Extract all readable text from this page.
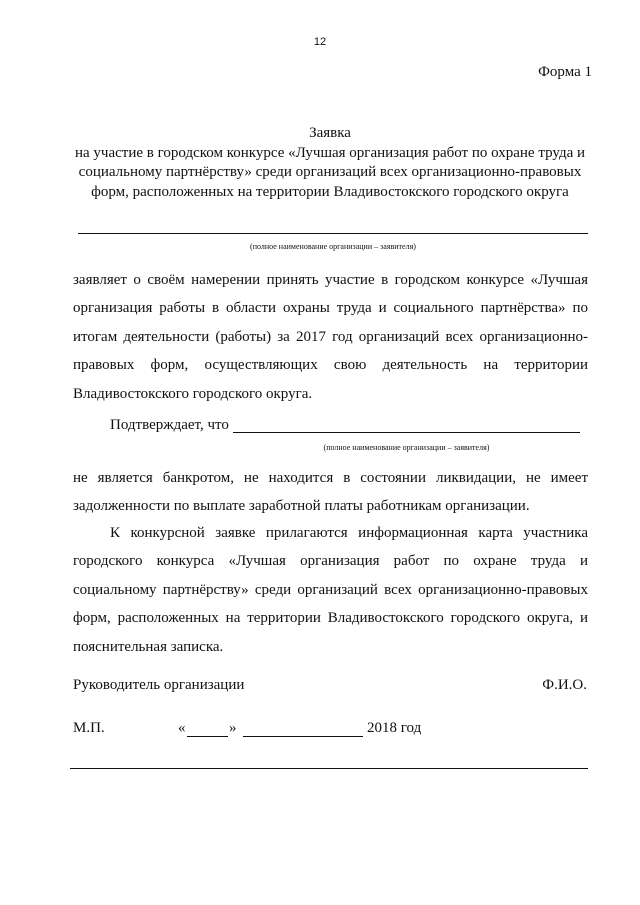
12
Форма 1
Заявка
на участие в городском конкурсе «Лучшая организация работ по охране труда и
социальному партнёрству» среди организаций всех организационно-правовых
форм, расположенных на территории Владивостокского городского округа
(полное наименование организации – заявителя)
заявляет о своём намерении принять участие в городском конкурсе «Лучшая
организация работы в области охраны труда и социального партнёрства» по
итогам деятельности (работы) за 2017 год организаций всех организационно-
правовых форм, осуществляющих свою деятельность на территории
Владивостокского городского округа.
Подтверждает, что
(полное наименование организации – заявителя)
не является банкротом, не находится в состоянии ликвидации, не имеет
задолженности по выплате заработной платы работникам организации.
К конкурсной заявке прилагаются информационная карта участника
городского конкурса «Лучшая организация работ по охране труда и
социальному партнёрству» среди организаций всех организационно-правовых
форм, расположенных на территории Владивостокского городского округа, и
пояснительная записка.
Руководитель организации	Ф.И.О.
М.П.	«	»	2018 год
